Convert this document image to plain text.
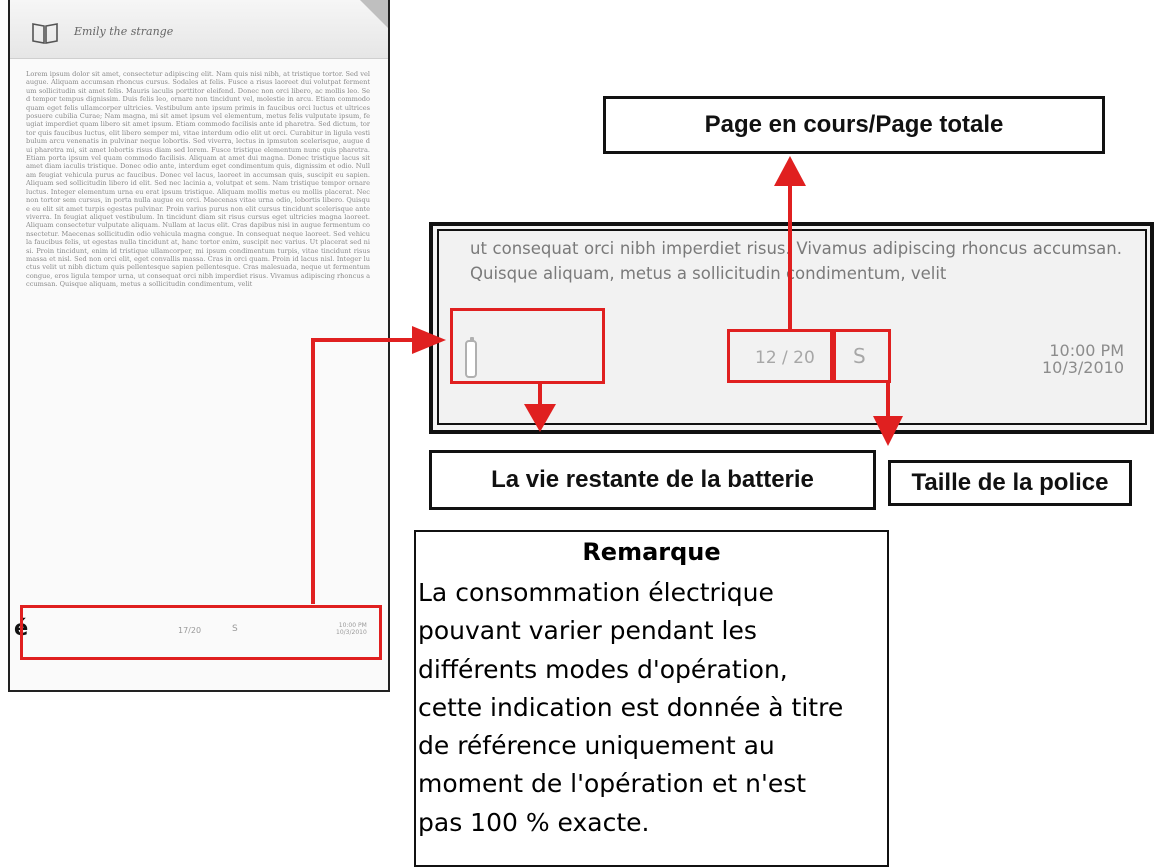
Emily the strange
Lorem ipsum dolor sit amet, consectetur adipiscing elit. Nam quis nisi nibh, at tristique tortor. Sed vel augue. Aliquam accumsan rhoncus cursus. Sodales at felis. Fusce a risus laoreet dui volutpat fermentum sollicitudin sit amet felis. Mauris iaculis porttitor eleifend. Donec non orci libero, ac mollis leo. Sed tempor tempus dignissim. Duis felis leo, ornare non tincidunt vel, molestie in arcu. Etiam commodo quam eget felis ullamcorper ultricies. Vestibulum ante ipsum primis in faucibus orci luctus et ultrices posuere cubilia Curae; Nam magna, mi sit amet ipsum vel elementum, metus felis vulputate ipsum, feugiat imperdiet quam libero sit amet ipsum. Etiam commodo facilisis ante id pharetra. Sed dictum, tortor quis faucibus luctus, elit libero semper mi, vitae interdum odio elit ut orci. Curabitur in ligula vestibulum arcu venenatis in pulvinar neque lobortis. Sed viverra, lectus in ipmsuton scelerisque, augue dui pharetra mi, sit amet lobortis risus diam sed lorem. Fusce tristique elementum nunc quis pharetra. Etiam porta ipsum vel quam commodo facilisis. Aliquam at amet dui magna. Donec tristique lacus sit amet diam iaculis tristique. Donec odio ante, interdum eget condimentum quis, dignissim et odio. Nullam feugiat vehicula purus ac faucibus. Donec vel lacus, laoreet in accumsan quis, suscipit eu sapien. Aliquam sed sollicitudin libero id elit. Sed nec lacinia a, volutpat et sem. Nam tristique tempor ornare luctus. Integer elementum urna eu erat ipsum tristique. Aliquam mollis metus eu mollis placerat. Nec non tortor sem cursus, in porta nulla augue eu orci. Maecenas vitae urna odio, lobortis libero. Quisque eu elit sit amet turpis egestas pulvinar. Proin varius purus non elit cursus tincidunt scelerisque ante viverra. In feugiat aliquet vestibulum. In tincidunt diam sit risus cursus eget ultricies magna laoreet. Aliquam consectetur vulputate aliquam. Nullam at lacus elit. Cras dapibus nisi in augue fermentum consectetur. Maecenas sollicitudin odio vehicula magna congue. In consequat neque laoreet. Sed vehicula faucibus felis, ut egestas nulla tincidunt at, hanc tortor enim, suscipit nec varius. Ut placerat sed nisi. Proin tincidunt, enim id tristique ullamcorper, mi ipsum condimentum turpis, vitae tincidunt risus massa et nisl. Sed non orci elit, eget convallis massa. Cras in orci quam. Proin id lacus nisl. Integer luctus velit ut nibh dictum quis pellentesque sapien pellentesque. Cras malesuada, neque ut fermentum congue, eros ligula tempor urna, ut consequat orci nibh imperdiet risus. Vivamus adipiscing rhoncus accumsan. Quisque aliquam, metus a sollicitudin condimentum, velit
é	17/20	S	10:00 PM
10/3/2010
ut consequat orci nibh imperdiet risus. Vivamus adipiscing rhoncus accumsan. Quisque aliquam, metus a sollicitudin condimentum, velit
12 / 20 S	10:00 PM
10/3/2010
Page en cours/Page totale
La vie restante de la batterie	Taille de la police
Remarque
La consommation électrique
pouvant varier pendant les
différents modes d'opération,
cette indication est donnée à titre
de référence uniquement au
moment de l'opération et n'est
pas 100 % exacte.
